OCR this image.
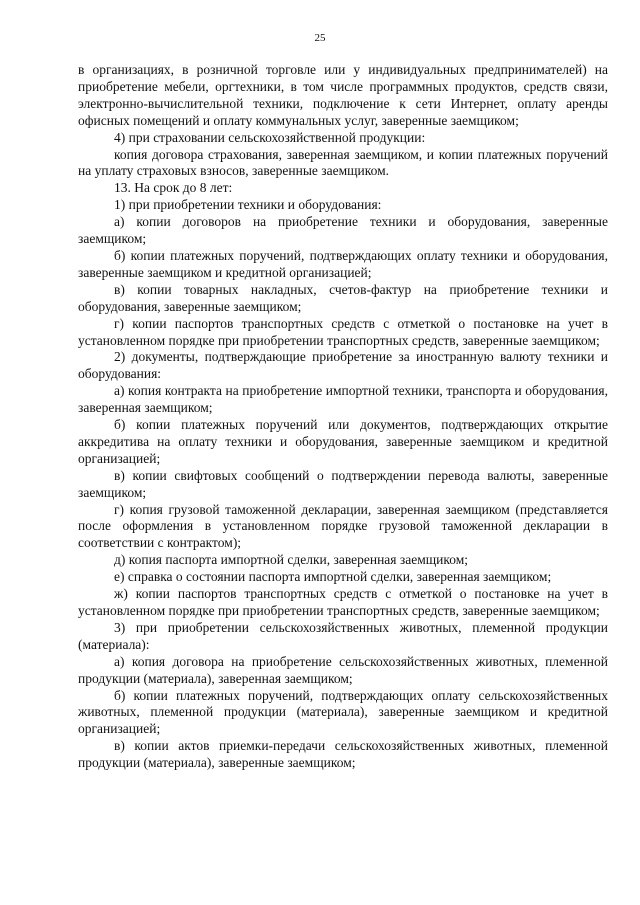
25

в организациях, в розничной торговле или у индивидуальных предпринимателей) на приобретение мебели, оргтехники, в том числе программных продуктов, средств связи, электронно-вычислительной техники, подключение к сети Интернет, оплату аренды офисных помещений и оплату коммунальных услуг, заверенные заемщиком;

4) при страховании сельскохозяйственной продукции:

копия договора страхования, заверенная заемщиком, и копии платежных поручений на уплату страховых взносов, заверенные заемщиком.

13. На срок до 8 лет:

1) при приобретении техники и оборудования:

а) копии договоров на приобретение техники и оборудования, заверенные заемщиком;

б) копии платежных поручений, подтверждающих оплату техники и оборудования, заверенные заемщиком и кредитной организацией;

в) копии товарных накладных, счетов-фактур на приобретение техники и оборудования, заверенные заемщиком;

г) копии паспортов транспортных средств с отметкой о постановке на учет в установленном порядке при приобретении транспортных средств, заверенные заемщиком;

2) документы, подтверждающие приобретение за иностранную валюту техники и оборудования:

а) копия контракта на приобретение импортной техники, транспорта и оборудования, заверенная заемщиком;

б) копии платежных поручений или документов, подтверждающих открытие аккредитива на оплату техники и оборудования, заверенные заемщиком и кредитной организацией;

в) копии свифтовых сообщений о подтверждении перевода валюты, заверенные заемщиком;

г) копия грузовой таможенной декларации, заверенная заемщиком (представляется после оформления в установленном порядке грузовой таможенной декларации в соответствии с контрактом);

д) копия паспорта импортной сделки, заверенная заемщиком;

е) справка о состоянии паспорта импортной сделки, заверенная заемщиком;

ж) копии паспортов транспортных средств с отметкой о постановке на учет в установленном порядке при приобретении транспортных средств, заверенные заемщиком;

3) при приобретении сельскохозяйственных животных, племенной продукции (материала):

а) копия договора на приобретение сельскохозяйственных животных, племенной продукции (материала), заверенная заемщиком;

б) копии платежных поручений, подтверждающих оплату сельскохозяйственных животных, племенной продукции (материала), заверенные заемщиком и кредитной организацией;

в) копии актов приемки-передачи сельскохозяйственных животных, племенной продукции (материала), заверенные заемщиком;
